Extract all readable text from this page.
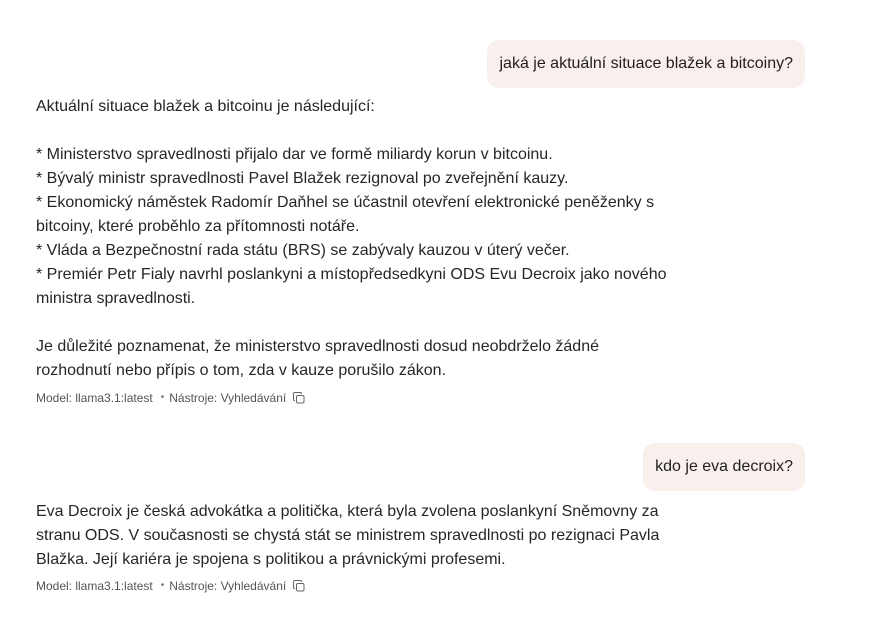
jaká je aktuální situace blažek a bitcoiny?

Aktuální situace blažek a bitcoinu je následující:

* Ministerstvo spravedlnosti přijalo dar ve formě miliardy korun v bitcoinu.

* Bývalý ministr spravedlnosti Pavel Blažek rezignoval po zveřejnění kauzy.

* Ekonomický náměstek Radomír Daňhel se účastnil otevření elektronické peněženky s bitcoiny, které proběhlo za přítomnosti notáře.

* Vláda a Bezpečnostní rada státu (BRS) se zabývaly kauzou v úterý večer.

* Premiér Petr Fialy navrhl poslankyni a místopředsedkyni ODS Evu Decroix jako nového ministra spravedlnosti.

Je důležité poznamenat, že ministerstvo spravedlnosti dosud neobdrželo žádné rozhodnutí nebo přípis o tom, zda v kauze porušilo zákon.

Model: llama3.1:latest • Nástroje: Vyhledávání
kdo je eva decroix?

Eva Decroix je česká advokátka a politička, která byla zvolena poslankyní Sněmovny za stranu ODS. V současnosti se chystá stát se ministrem spravedlnosti po rezignaci Pavla Blažka. Její kariéra je spojena s politikou a právnickými profesemi.

Model: llama3.1:latest • Nástroje: Vyhledávání
